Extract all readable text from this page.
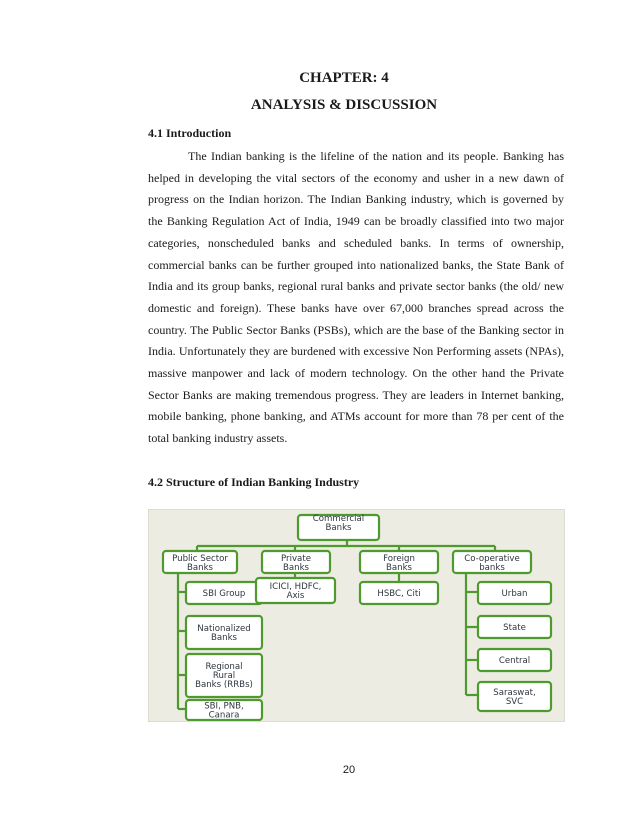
CHAPTER: 4
ANALYSIS & DISCUSSION
4.1 Introduction

The Indian banking is the lifeline of the nation and its people. Banking has helped in developing the vital sectors of the economy and usher in a new dawn of progress on the Indian horizon. The Indian Banking industry, which is governed by the Banking Regulation Act of India, 1949 can be broadly classified into two major categories, nonscheduled banks and scheduled banks. In terms of ownership, commercial banks can be further grouped into nationalized banks, the State Bank of India and its group banks, regional rural banks and private sector banks (the old/ new domestic and foreign). These banks have over 67,000 branches spread across the country. The Public Sector Banks (PSBs), which are the base of the Banking sector in India. Unfortunately they are burdened with excessive Non Performing assets (NPAs), massive manpower and lack of modern technology. On the other hand the Private Sector Banks are making tremendous progress. They are leaders in Internet banking, mobile banking, phone banking, and ATMs account for more than 78 per cent of the total banking industry assets.

4.2 Structure of Indian Banking Industry
Commercial Banks
Public Sector Banks
Private Banks
Foreign Banks
Co-operative banks
SBI Group
Nationalized Banks
Regional Rural Banks (RRBs)
SBI, PNB, Canara
ICICI, HDFC, Axis	HSBC, Citi	Urban
State
Central
Saraswat, SVC
20
